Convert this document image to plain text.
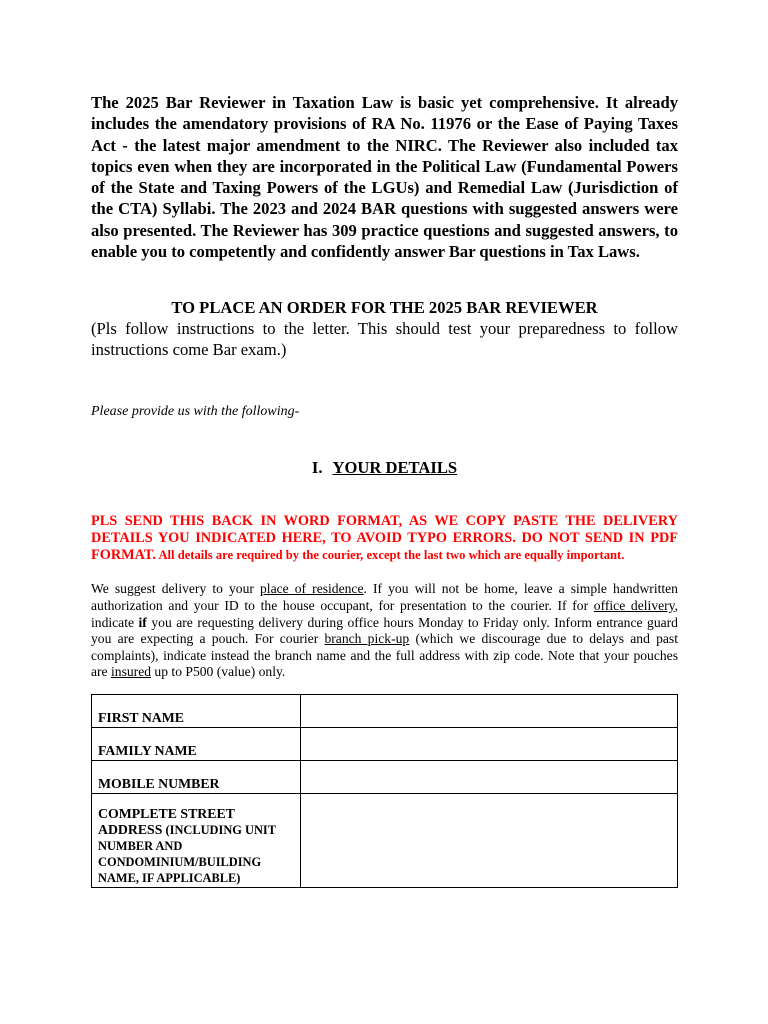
The 2025 Bar Reviewer in Taxation Law is basic yet comprehensive. It already includes the amendatory provisions of RA No. 11976 or the Ease of Paying Taxes Act - the latest major amendment to the NIRC. The Reviewer also included tax topics even when they are incorporated in the Political Law (Fundamental Powers of the State and Taxing Powers of the LGUs) and Remedial Law (Jurisdiction of the CTA) Syllabi. The 2023 and 2024 BAR questions with suggested answers were also presented. The Reviewer has 309 practice questions and suggested answers, to enable you to competently and confidently answer Bar questions in Tax Laws.

TO PLACE AN ORDER FOR THE 2025 BAR REVIEWER
(Pls follow instructions to the letter. This should test your preparedness to follow instructions come Bar exam.)
Please provide us with the following-
I. YOUR DETAILS
PLS SEND THIS BACK IN WORD FORMAT, AS WE COPY PASTE THE DELIVERY DETAILS YOU INDICATED HERE, TO AVOID TYPO ERRORS. DO NOT SEND IN PDF FORMAT. All details are required by the courier, except the last two which are equally important.
We suggest delivery to your place of residence. If you will not be home, leave a simple handwritten authorization and your ID to the house occupant, for presentation to the courier. If for office delivery, indicate if you are requesting delivery during office hours Monday to Friday only. Inform entrance guard you are expecting a pouch. For courier branch pick-up (which we discourage due to delays and past complaints), indicate instead the branch name and the full address with zip code. Note that your pouches are insured up to P500 (value) only.
FIRST NAME	
FAMILY NAME	
MOBILE NUMBER	
COMPLETE STREET ADDRESS (INCLUDING UNIT NUMBER AND CONDOMINIUM/BUILDING NAME, IF APPLICABLE)	
